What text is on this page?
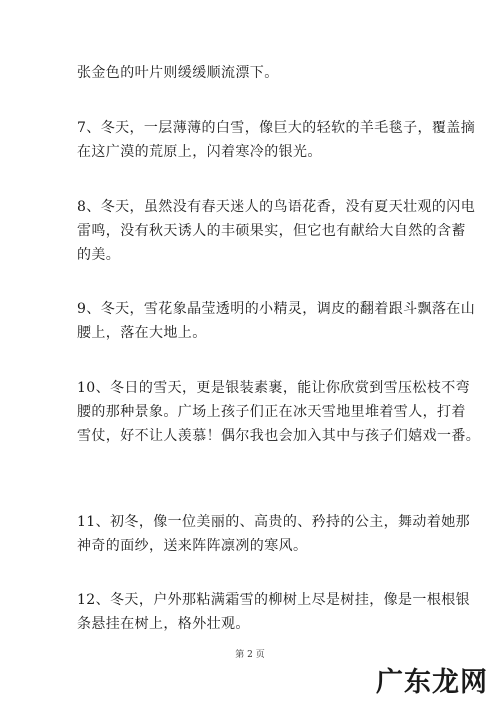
张金色的叶片则缓缓顺流漂下。

7、冬天，一层薄薄的白雪，像巨大的轻软的羊毛毯子，覆盖摘
在这广漠的荒原上，闪着寒冷的银光。

8、冬天，虽然没有春天迷人的鸟语花香，没有夏天壮观的闪电
雷鸣，没有秋天诱人的丰硕果实，但它也有献给大自然的含蓄
的美。

9、冬天，雪花象晶莹透明的小精灵，调皮的翻着跟斗飘落在山
腰上，落在大地上。

10、冬日的雪天，更是银装素裹，能让你欣赏到雪压松枝不弯
腰的那种景象。广场上孩子们正在冰天雪地里堆着雪人，打着
雪仗，好不让人羡慕！偶尔我也会加入其中与孩子们嬉戏一番。

11、初冬，像一位美丽的、高贵的、矜持的公主，舞动着她那
神奇的面纱，送来阵阵凛冽的寒风。

12、冬天，户外那粘满霜雪的柳树上尽是树挂，像是一根根银
条悬挂在树上，格外壮观。

第 2 页
广东龙网
